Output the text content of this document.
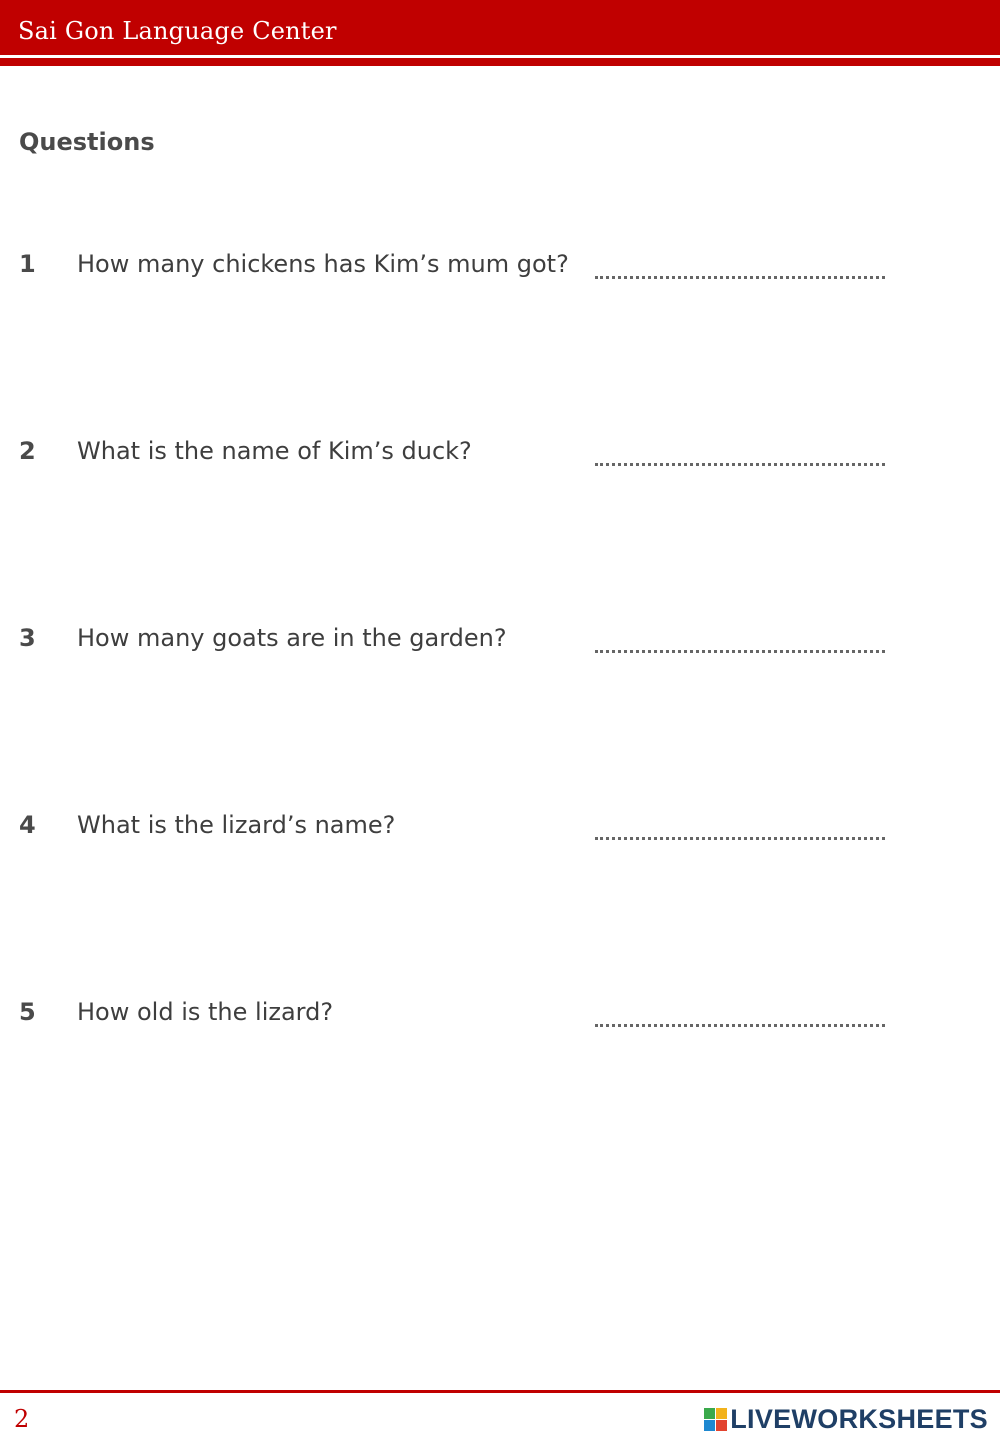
Sai Gon Language Center
Questions
1 How many chickens has Kim’s mum got?
2 What is the name of Kim’s duck?
3 How many goats are in the garden?
4 What is the lizard’s name?
5 How old is the lizard?
2	LIVEWORKSHEETS
